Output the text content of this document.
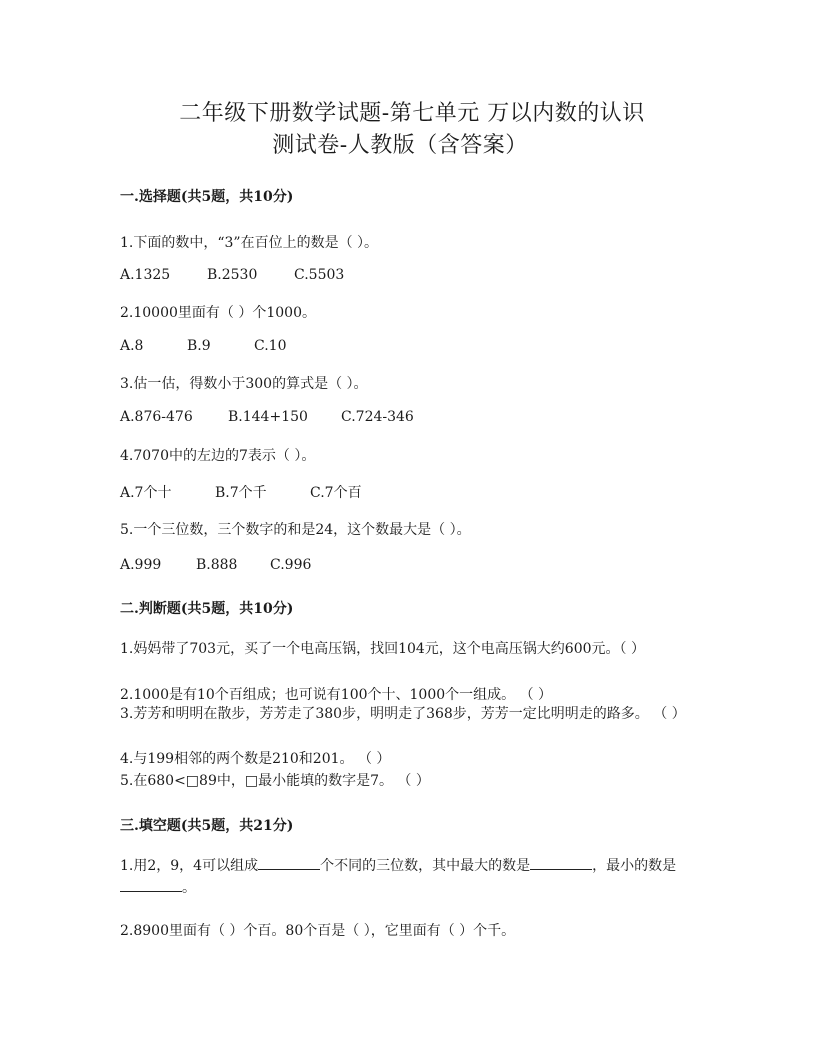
二年级下册数学试题-第七单元 万以内数的认识
测试卷-人教版（含答案）
一.选择题(共5题，共10分)
1.下面的数中，“3”在百位上的数是（ ）。
A.1325	B.2530	C.5503
2.10000里面有（ ）个1000。
A.8	B.9	C.10
3.估一估，得数小于300的算式是（ ）。
A.876-476	B.144+150 C.724-346
4.7070中的左边的7表示（ ）。
A.7个十	B.7个千	C.7个百
5.一个三位数，三个数字的和是24，这个数最大是（ ）。
A.999 B.888 C.996
二.判断题(共5题，共10分)
1.妈妈带了703元，买了一个电高压锅，找回104元，这个电高压锅大约600元。（ ）
2.1000是有10个百组成；也可说有100个十、1000个一组成。 （ ）
3.芳芳和明明在散步，芳芳走了380步，明明走了368步，芳芳一定比明明走的路多。 （ ）
4.与199相邻的两个数是210和201。 （ ）
5.在680<□89中，□最小能填的数字是7。 （ ）
三.填空题(共5题，共21分)
1.用2，9，4可以组成	个不同的三位数，其中最大的数是	，最小的数是。
2.8900里面有（ ）个百。80个百是（ ），它里面有（ ）个千。
